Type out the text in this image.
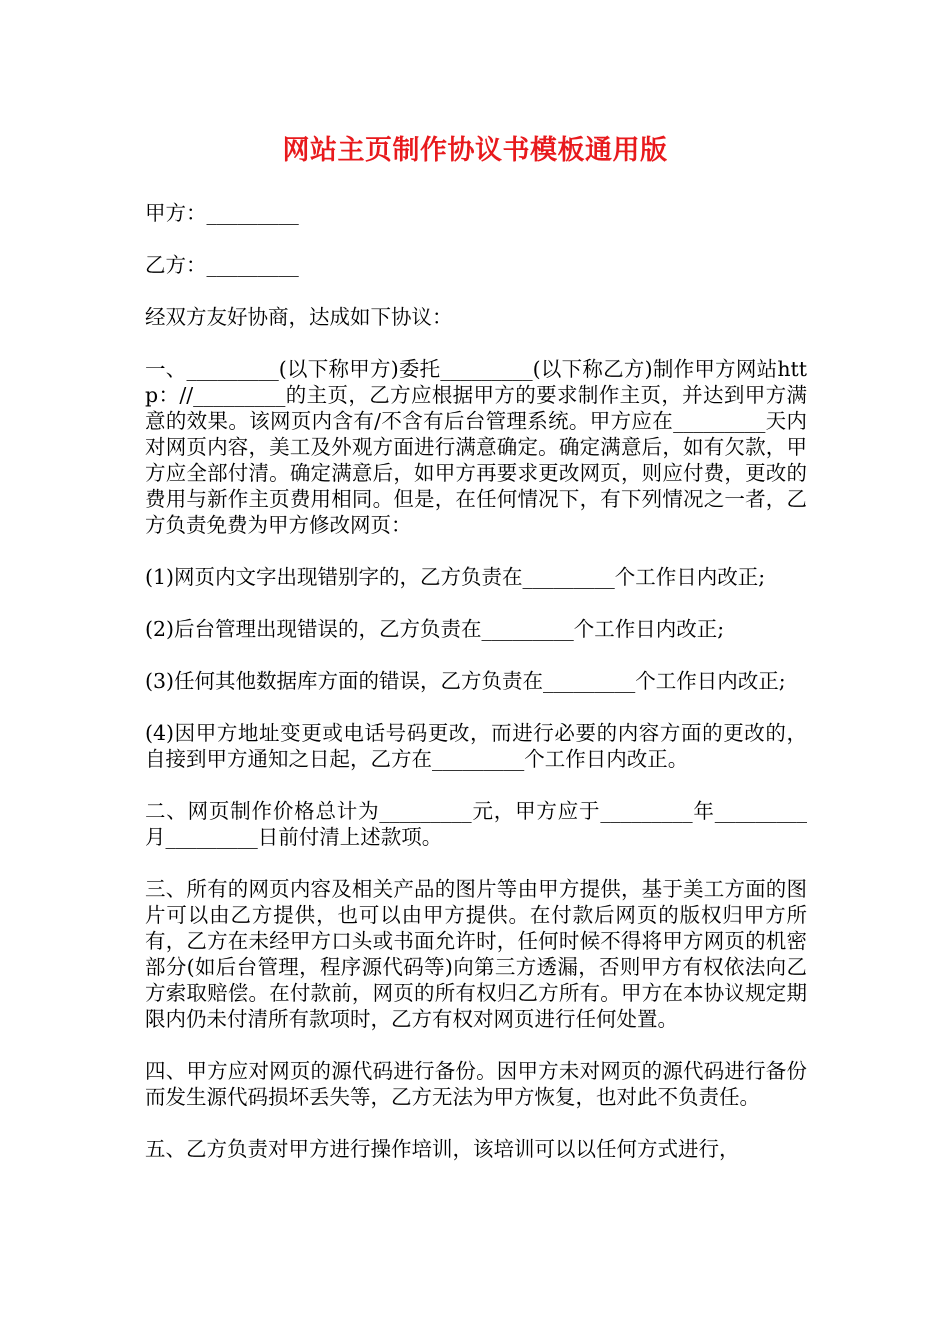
网站主页制作协议书模板通用版

甲方：_________

乙方：_________

经双方友好协商，达成如下协议：

一、_________(以下称甲方)委托_________(以下称乙方)制作甲方网站http：//_________的主页，乙方应根据甲方的要求制作主页，并达到甲方满意的效果。该网页内含有/不含有后台管理系统。甲方应在_________天内对网页内容，美工及外观方面进行满意确定。确定满意后，如有欠款，甲方应全部付清。确定满意后，如甲方再要求更改网页，则应付费，更改的费用与新作主页费用相同。但是，在任何情况下，有下列情况之一者，乙方负责免费为甲方修改网页：

(1)网页内文字出现错别字的，乙方负责在_________个工作日内改正;

(2)后台管理出现错误的，乙方负责在_________个工作日内改正;

(3)任何其他数据库方面的错误，乙方负责在_________个工作日内改正;

(4)因甲方地址变更或电话号码更改，而进行必要的内容方面的更改的，自接到甲方通知之日起，乙方在_________个工作日内改正。

二、网页制作价格总计为_________元，甲方应于_________年_________月_________日前付清上述款项。

三、所有的网页内容及相关产品的图片等由甲方提供，基于美工方面的图片可以由乙方提供，也可以由甲方提供。在付款后网页的版权归甲方所有，乙方在未经甲方口头或书面允许时，任何时候不得将甲方网页的机密部分(如后台管理，程序源代码等)向第三方透漏，否则甲方有权依法向乙方索取赔偿。在付款前，网页的所有权归乙方所有。甲方在本协议规定期限内仍未付清所有款项时，乙方有权对网页进行任何处置。

四、甲方应对网页的源代码进行备份。因甲方未对网页的源代码进行备份而发生源代码损坏丢失等，乙方无法为甲方恢复，也对此不负责任。

五、乙方负责对甲方进行操作培训，该培训可以以任何方式进行，
